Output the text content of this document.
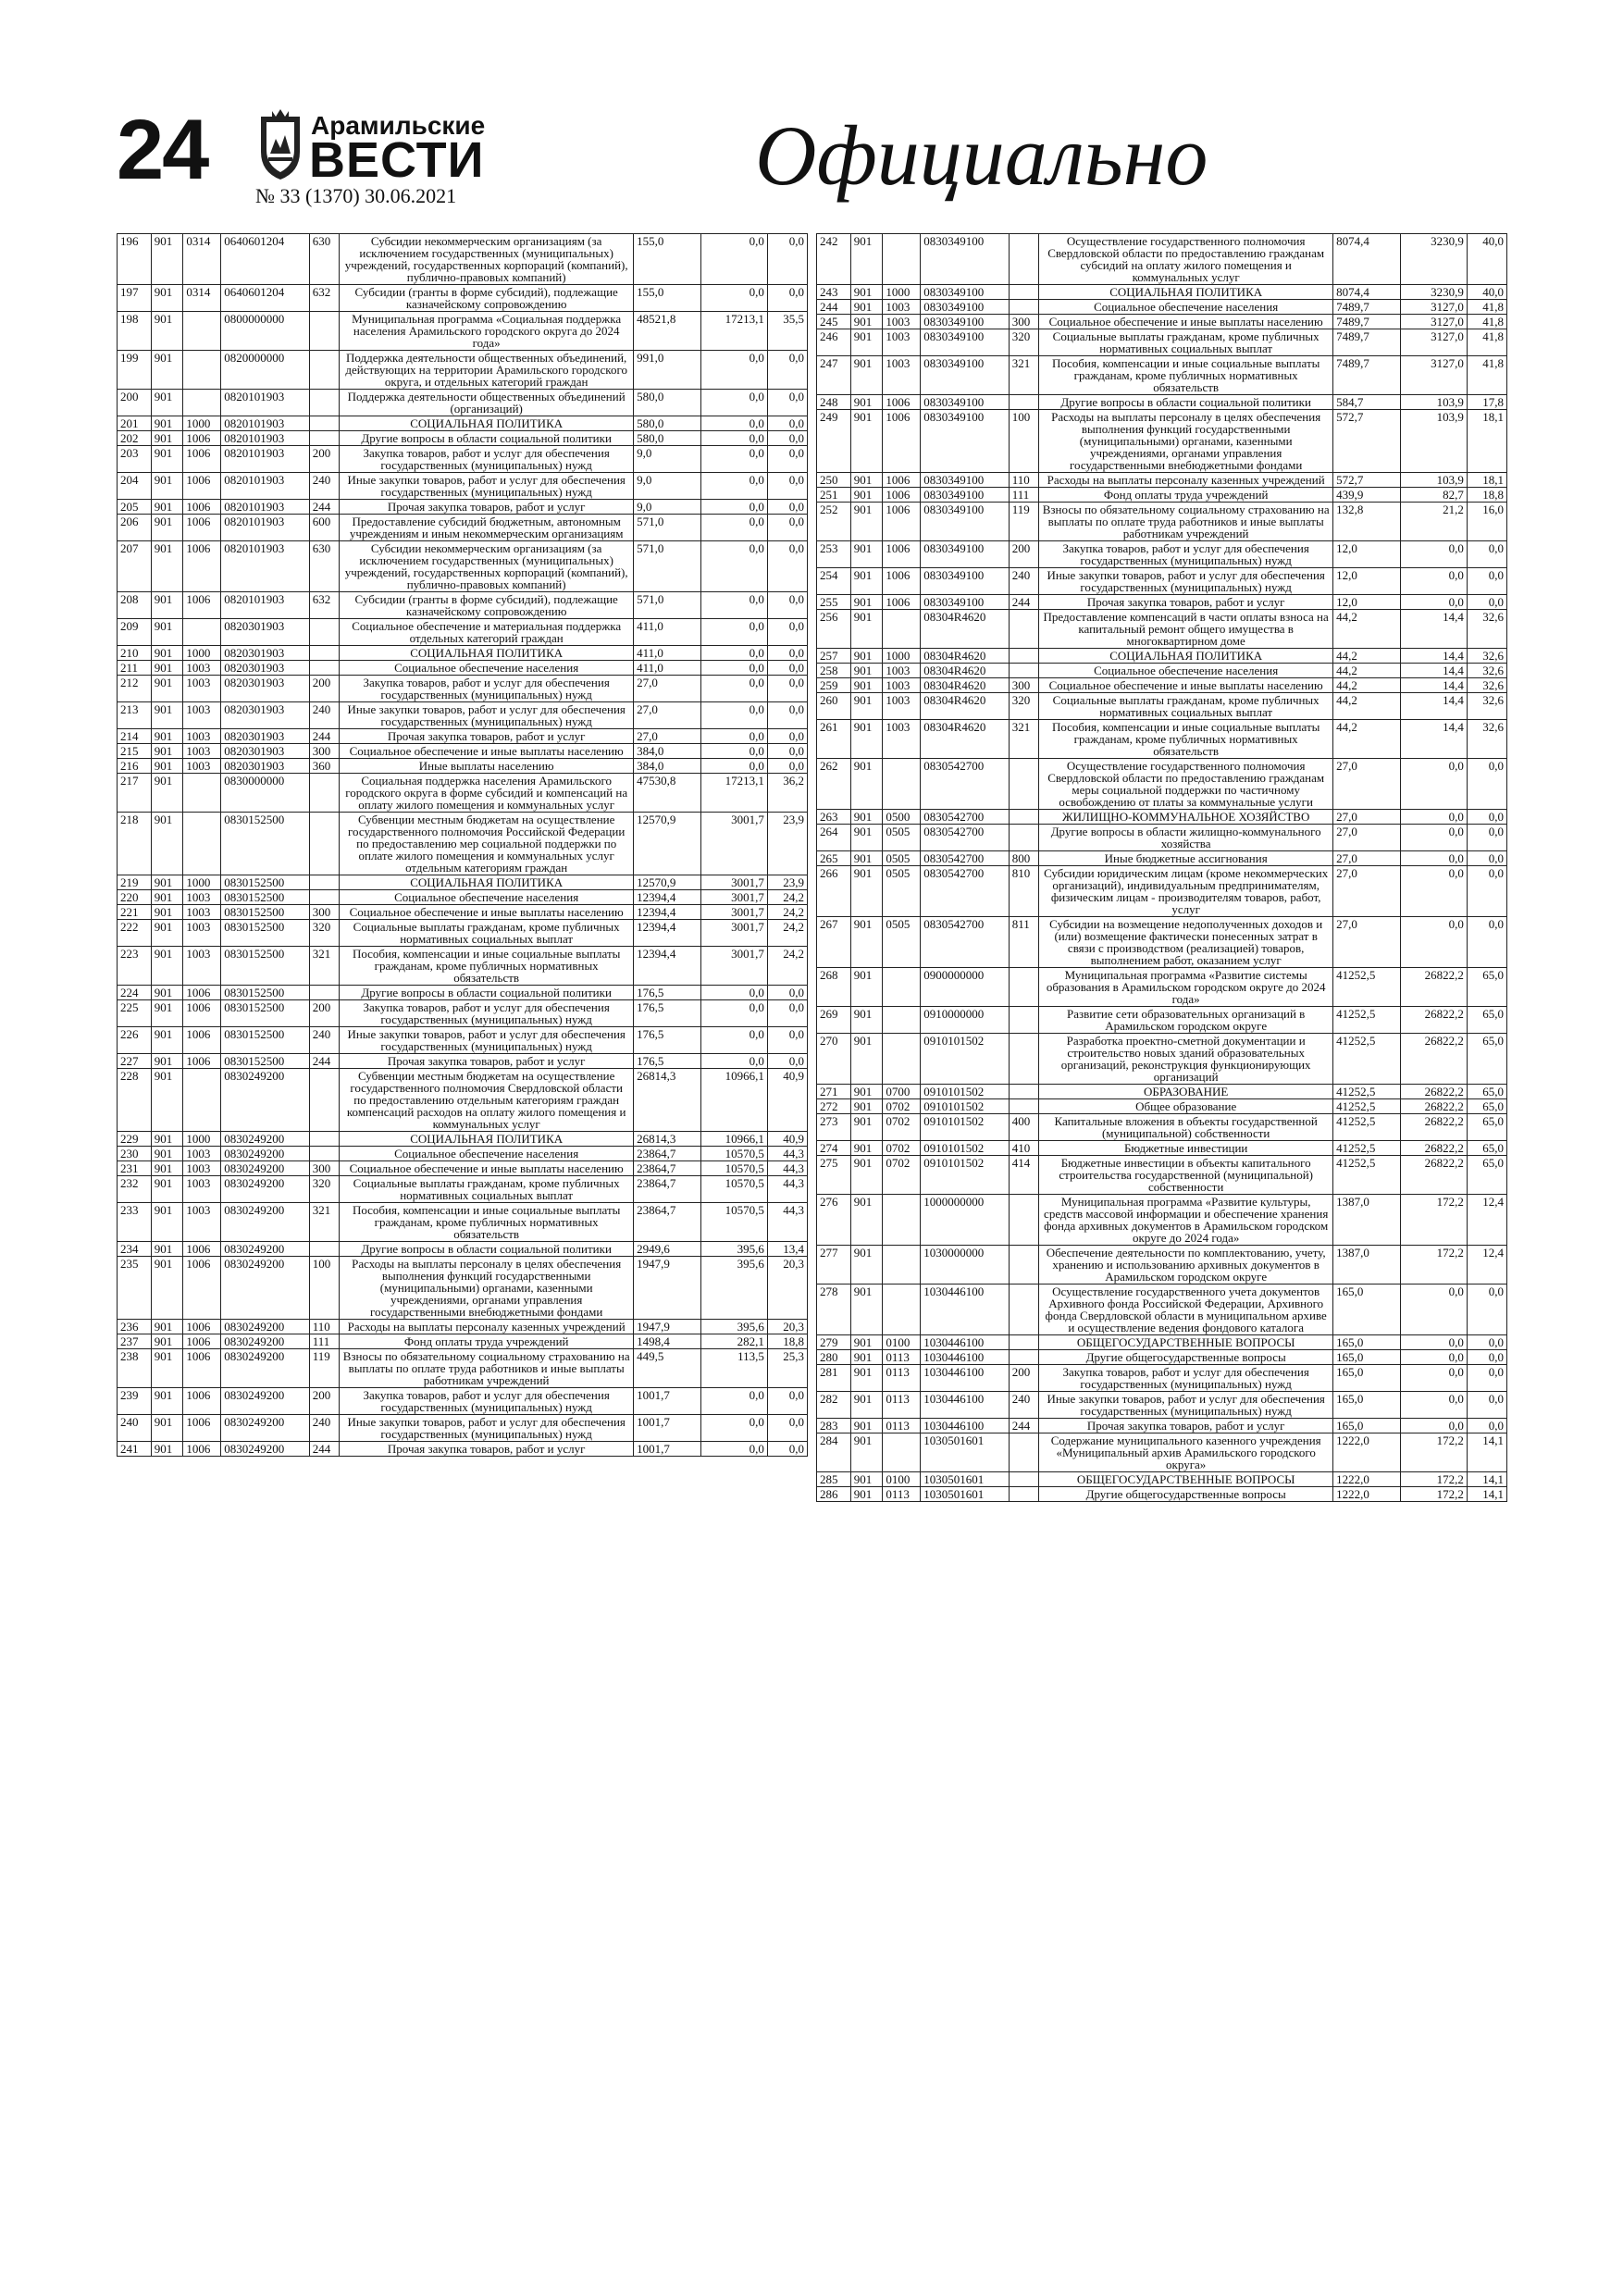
24	Арамильские
ВЕСТИ
№ 33 (1370) 30.06.2021	Официально
196	901	0314	0640601204	630	Субсидии некоммерческим организациям (за исключением государственных (муниципальных) учреждений, государственных корпораций (компаний), публично-правовых компаний)	155,0	0,0	0,0
197	901	0314	0640601204	632	Субсидии (гранты в форме субсидий), подлежащие казначейскому сопровождению	155,0	0,0	0,0
198	901		0800000000		Муниципальная программа «Социальная поддержка населения Арамильского городского округа до 2024 года»	48521,8	17213,1	35,5
199	901		0820000000		Поддержка деятельности общественных объединений, действующих на территории Арамильского городского округа, и отдельных категорий граждан	991,0	0,0	0,0
200	901		0820101903		Поддержка деятельности общественных объединений (организаций)	580,0	0,0	0,0
201	901	1000	0820101903		СОЦИАЛЬНАЯ ПОЛИТИКА	580,0	0,0	0,0
202	901	1006	0820101903		Другие вопросы в области социальной политики	580,0	0,0	0,0
203	901	1006	0820101903	200	Закупка товаров, работ и услуг для обеспечения государственных (муниципальных) нужд	9,0	0,0	0,0
204	901	1006	0820101903	240	Иные закупки товаров, работ и услуг для обеспечения государственных (муниципальных) нужд	9,0	0,0	0,0
205	901	1006	0820101903	244	Прочая закупка товаров, работ и услуг	9,0	0,0	0,0
206	901	1006	0820101903	600	Предоставление субсидий бюджетным, автономным учреждениям и иным некоммерческим организациям	571,0	0,0	0,0
207	901	1006	0820101903	630	Субсидии некоммерческим организациям (за исключением государственных (муниципальных) учреждений, государственных корпораций (компаний), публично-правовых компаний)	571,0	0,0	0,0
208	901	1006	0820101903	632	Субсидии (гранты в форме субсидий), подлежащие казначейскому сопровождению	571,0	0,0	0,0
209	901		0820301903		Социальное обеспечение и материальная поддержка отдельных категорий граждан	411,0	0,0	0,0
210	901	1000	0820301903		СОЦИАЛЬНАЯ ПОЛИТИКА	411,0	0,0	0,0
211	901	1003	0820301903		Социальное обеспечение населения	411,0	0,0	0,0
212	901	1003	0820301903	200	Закупка товаров, работ и услуг для обеспечения государственных (муниципальных) нужд	27,0	0,0	0,0
213	901	1003	0820301903	240	Иные закупки товаров, работ и услуг для обеспечения государственных (муниципальных) нужд	27,0	0,0	0,0
214	901	1003	0820301903	244	Прочая закупка товаров, работ и услуг	27,0	0,0	0,0
215	901	1003	0820301903	300	Социальное обеспечение и иные выплаты населению	384,0	0,0	0,0
216	901	1003	0820301903	360	Иные выплаты населению	384,0	0,0	0,0
217	901		0830000000		Социальная поддержка населения Арамильского городского округа в форме субсидий и компенсаций на оплату жилого помещения и коммунальных услуг	47530,8	17213,1	36,2
218	901		0830152500		Субвенции местным бюджетам на осуществление государственного полномочия Российской Федерации по предоставлению мер социальной поддержки по оплате жилого помещения и коммунальных услуг отдельным категориям граждан	12570,9	3001,7	23,9
219	901	1000	0830152500		СОЦИАЛЬНАЯ ПОЛИТИКА	12570,9	3001,7	23,9
220	901	1003	0830152500		Социальное обеспечение населения	12394,4	3001,7	24,2
221	901	1003	0830152500	300	Социальное обеспечение и иные выплаты населению	12394,4	3001,7	24,2
222	901	1003	0830152500	320	Социальные выплаты гражданам, кроме публичных нормативных социальных выплат	12394,4	3001,7	24,2
223	901	1003	0830152500	321	Пособия, компенсации и иные социальные выплаты гражданам, кроме публичных нормативных обязательств	12394,4	3001,7	24,2
224	901	1006	0830152500		Другие вопросы в области социальной политики	176,5	0,0	0,0
225	901	1006	0830152500	200	Закупка товаров, работ и услуг для обеспечения государственных (муниципальных) нужд	176,5	0,0	0,0
226	901	1006	0830152500	240	Иные закупки товаров, работ и услуг для обеспечения государственных (муниципальных) нужд	176,5	0,0	0,0
227	901	1006	0830152500	244	Прочая закупка товаров, работ и услуг	176,5	0,0	0,0
228	901		0830249200		Субвенции местным бюджетам на осуществление государственного полномочия Свердловской области по предоставлению отдельным категориям граждан компенсаций расходов на оплату жилого помещения и коммунальных услуг	26814,3	10966,1	40,9
229	901	1000	0830249200		СОЦИАЛЬНАЯ ПОЛИТИКА	26814,3	10966,1	40,9
230	901	1003	0830249200		Социальное обеспечение населения	23864,7	10570,5	44,3
231	901	1003	0830249200	300	Социальное обеспечение и иные выплаты населению	23864,7	10570,5	44,3
232	901	1003	0830249200	320	Социальные выплаты гражданам, кроме публичных нормативных социальных выплат	23864,7	10570,5	44,3
233	901	1003	0830249200	321	Пособия, компенсации и иные социальные выплаты гражданам, кроме публичных нормативных обязательств	23864,7	10570,5	44,3
234	901	1006	0830249200		Другие вопросы в области социальной политики	2949,6	395,6	13,4
235	901	1006	0830249200	100	Расходы на выплаты персоналу в целях обеспечения выполнения функций государственными (муниципальными) органами, казенными учреждениями, органами управления государственными внебюджетными фондами	1947,9	395,6	20,3
236	901	1006	0830249200	110	Расходы на выплаты персоналу казенных учреждений	1947,9	395,6	20,3
237	901	1006	0830249200	111	Фонд оплаты труда учреждений	1498,4	282,1	18,8
238	901	1006	0830249200	119	Взносы по обязательному социальному страхованию на выплаты по оплате труда работников и иные выплаты работникам учреждений	449,5	113,5	25,3
239	901	1006	0830249200	200	Закупка товаров, работ и услуг для обеспечения государственных (муниципальных) нужд	1001,7	0,0	0,0
240	901	1006	0830249200	240	Иные закупки товаров, работ и услуг для обеспечения государственных (муниципальных) нужд	1001,7	0,0	0,0
241	901	1006	0830249200	244	Прочая закупка товаров, работ и услуг	1001,7	0,0	0,0
242	901		0830349100		Осуществление государственного полномочия Свердловской области по предоставлению гражданам субсидий на оплату жилого помещения и коммунальных услуг	8074,4	3230,9	40,0
243	901	1000	0830349100		СОЦИАЛЬНАЯ ПОЛИТИКА	8074,4	3230,9	40,0
244	901	1003	0830349100		Социальное обеспечение населения	7489,7	3127,0	41,8
245	901	1003	0830349100	300	Социальное обеспечение и иные выплаты населению	7489,7	3127,0	41,8
246	901	1003	0830349100	320	Социальные выплаты гражданам, кроме публичных нормативных социальных выплат	7489,7	3127,0	41,8
247	901	1003	0830349100	321	Пособия, компенсации и иные социальные выплаты гражданам, кроме публичных нормативных обязательств	7489,7	3127,0	41,8
248	901	1006	0830349100		Другие вопросы в области социальной политики	584,7	103,9	17,8
249	901	1006	0830349100	100	Расходы на выплаты персоналу в целях обеспечения выполнения функций государственными (муниципальными) органами, казенными учреждениями, органами управления государственными внебюджетными фондами	572,7	103,9	18,1
250	901	1006	0830349100	110	Расходы на выплаты персоналу казенных учреждений	572,7	103,9	18,1
251	901	1006	0830349100	111	Фонд оплаты труда учреждений	439,9	82,7	18,8
252	901	1006	0830349100	119	Взносы по обязательному социальному страхованию на выплаты по оплате труда работников и иные выплаты работникам учреждений	132,8	21,2	16,0
253	901	1006	0830349100	200	Закупка товаров, работ и услуг для обеспечения государственных (муниципальных) нужд	12,0	0,0	0,0
254	901	1006	0830349100	240	Иные закупки товаров, работ и услуг для обеспечения государственных (муниципальных) нужд	12,0	0,0	0,0
255	901	1006	0830349100	244	Прочая закупка товаров, работ и услуг	12,0	0,0	0,0
256	901		08304R4620		Предоставление компенсаций в части оплаты взноса на капитальный ремонт общего имущества в многоквартирном доме	44,2	14,4	32,6
257	901	1000	08304R4620		СОЦИАЛЬНАЯ ПОЛИТИКА	44,2	14,4	32,6
258	901	1003	08304R4620		Социальное обеспечение населения	44,2	14,4	32,6
259	901	1003	08304R4620	300	Социальное обеспечение и иные выплаты населению	44,2	14,4	32,6
260	901	1003	08304R4620	320	Социальные выплаты гражданам, кроме публичных нормативных социальных выплат	44,2	14,4	32,6
261	901	1003	08304R4620	321	Пособия, компенсации и иные социальные выплаты гражданам, кроме публичных нормативных обязательств	44,2	14,4	32,6
262	901		0830542700		Осуществление государственного полномочия Свердловской области по предоставлению гражданам меры социальной поддержки по частичному освобождению от платы за коммунальные услуги	27,0	0,0	0,0
263	901	0500	0830542700		ЖИЛИЩНО-КОММУНАЛЬНОЕ ХОЗЯЙСТВО	27,0	0,0	0,0
264	901	0505	0830542700		Другие вопросы в области жилищно-коммунального хозяйства	27,0	0,0	0,0
265	901	0505	0830542700	800	Иные бюджетные ассигнования	27,0	0,0	0,0
266	901	0505	0830542700	810	Субсидии юридическим лицам (кроме некоммерческих организаций), индивидуальным предпринимателям, физическим лицам - производителям товаров, работ, услуг	27,0	0,0	0,0
267	901	0505	0830542700	811	Субсидии на возмещение недополученных доходов и (или) возмещение фактически понесенных затрат в связи с производством (реализацией) товаров, выполнением работ, оказанием услуг	27,0	0,0	0,0
268	901		0900000000		Муниципальная программа «Развитие системы образования в Арамильском городском округе до 2024 года»	41252,5	26822,2	65,0
269	901		0910000000		Развитие сети образовательных организаций в Арамильском городском округе	41252,5	26822,2	65,0
270	901		0910101502		Разработка проектно-сметной документации и строительство новых зданий образовательных организаций, реконструкция функционирующих организаций	41252,5	26822,2	65,0
271	901	0700	0910101502		ОБРАЗОВАНИЕ	41252,5	26822,2	65,0
272	901	0702	0910101502		Общее образование	41252,5	26822,2	65,0
273	901	0702	0910101502	400	Капитальные вложения в объекты государственной (муниципальной) собственности	41252,5	26822,2	65,0
274	901	0702	0910101502	410	Бюджетные инвестиции	41252,5	26822,2	65,0
275	901	0702	0910101502	414	Бюджетные инвестиции в объекты капитального строительства государственной (муниципальной) собственности	41252,5	26822,2	65,0
276	901		1000000000		Муниципальная программа «Развитие культуры, средств массовой информации и обеспечение хранения фонда архивных документов в Арамильском городском округе до 2024 года»	1387,0	172,2	12,4
277	901		1030000000		Обеспечение деятельности по комплектованию, учету, хранению и использованию архивных документов в Арамильском городском округе	1387,0	172,2	12,4
278	901		1030446100		Осуществление государственного учета документов Архивного фонда Российской Федерации, Архивного фонда Свердловской области в муниципальном архиве и осуществление ведения фондового каталога	165,0	0,0	0,0
279	901	0100	1030446100		ОБЩЕГОСУДАРСТВЕННЫЕ ВОПРОСЫ	165,0	0,0	0,0
280	901	0113	1030446100		Другие общегосударственные вопросы	165,0	0,0	0,0
281	901	0113	1030446100	200	Закупка товаров, работ и услуг для обеспечения государственных (муниципальных) нужд	165,0	0,0	0,0
282	901	0113	1030446100	240	Иные закупки товаров, работ и услуг для обеспечения государственных (муниципальных) нужд	165,0	0,0	0,0
283	901	0113	1030446100	244	Прочая закупка товаров, работ и услуг	165,0	0,0	0,0
284	901		1030501601		Содержание муниципального казенного учреждения «Муниципальный архив Арамильского городского округа»	1222,0	172,2	14,1
285	901	0100	1030501601		ОБЩЕГОСУДАРСТВЕННЫЕ ВОПРОСЫ	1222,0	172,2	14,1
286	901	0113	1030501601		Другие общегосударственные вопросы	1222,0	172,2	14,1
